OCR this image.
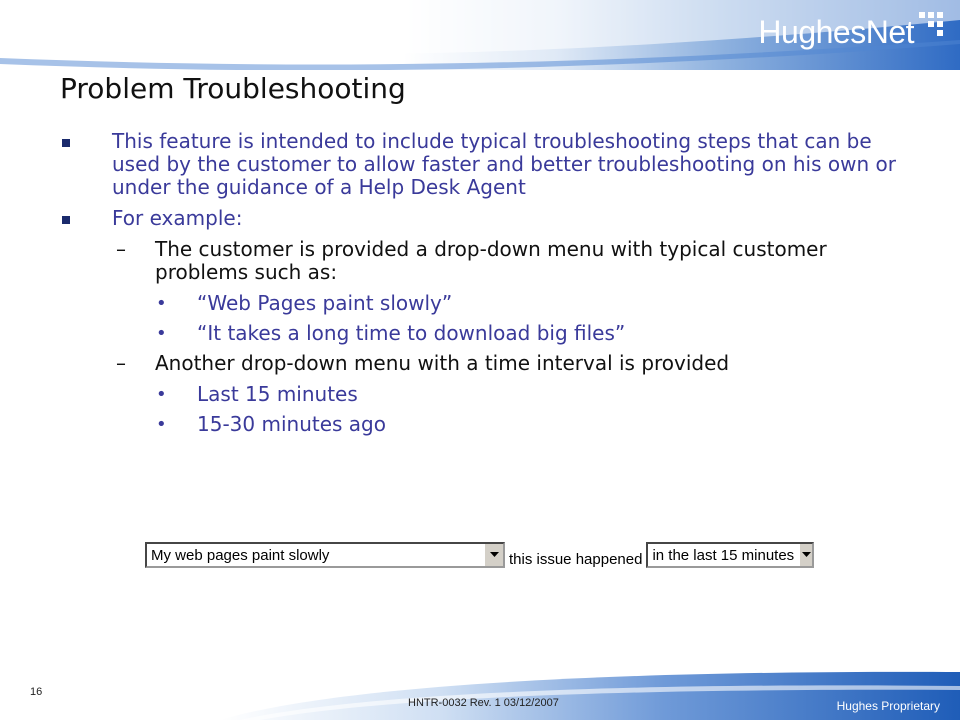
HughesNet
Problem Troubleshooting
This feature is intended to include typical troubleshooting steps that can be used by the customer to allow faster and better troubleshooting on his own or under the guidance of a Help Desk Agent
For example:
– The customer is provided a drop-down menu with typical customer problems such as:
• “Web Pages paint slowly”
• “It takes a long time to download big files”
– Another drop-down menu with a time interval is provided
• Last 15 minutes
• 15-30 minutes ago
My web pages paint slowly	this issue happened in the last 15 minutes
16
HNTR-0032 Rev. 1 03/12/2007	Hughes Proprietary
